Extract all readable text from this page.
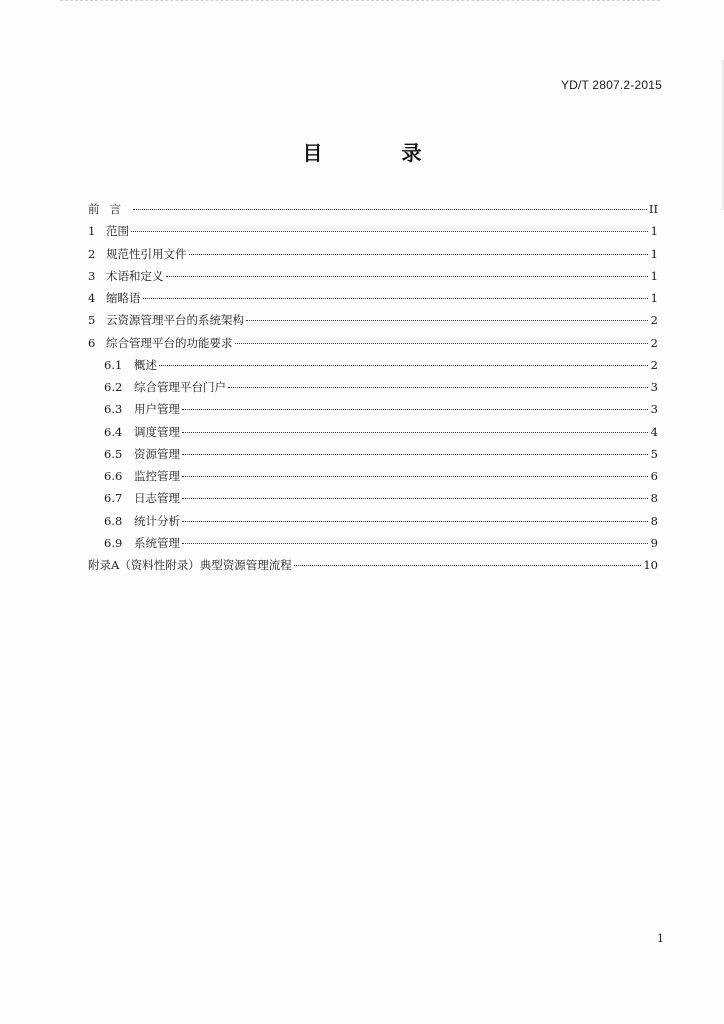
YD/T 2807.2-2015
目 录
前言	II
1 范围	1
2 规范性引用文件	1
3 术语和定义	1
4 缩略语	1
5 云资源管理平台的系统架构	2
6 综合管理平台的功能要求	2
6.1	概述	2
6.2	综合管理平台门户	3
6.3	用户管理	3
6.4	调度管理	4
6.5	资源管理	5
6.6	监控管理	6
6.7	日志管理	8
6.8	统计分析	8
6.9	系统管理	9
附录A（资料性附录）典型资源管理流程	10
1
